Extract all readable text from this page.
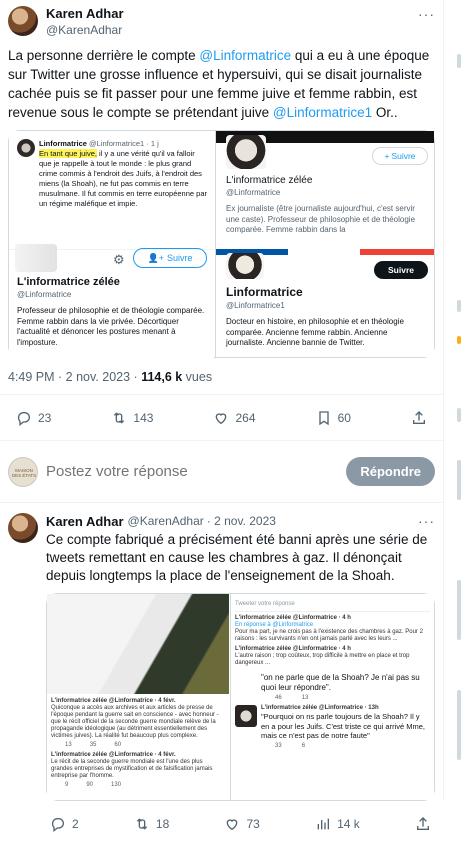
Karen Adhar
@KarenAdhar
···
La personne derrière le compte @Linformatrice qui a eu à une époque sur Twitter une grosse influence et hypersuivi, qui se disait journaliste cachée puis se fit passer pour une femme juive et femme rabbin, est revenue sous le compte se prétendant juive @Linformatrice1 Or..
Linformatrice @Linformatrice1 · 1 j
En tant que juive, il y a une vérité qu'il va falloir que je rappelle à tout le monde : le plus grand crime commis à l'endroit des Juifs, à l'endroit des miens (la Shoah), ne fut pas commis en terre musulmane. Il fut commis en terre européenne par un régime maléfique et impie.
⚙	👤+ Suivre
L'informatrice zélée
@Linformatrice
Professeur de philosophie et de théologie comparée. Femme rabbin dans la vie privée. Décortiquer l'actualité et dénoncer les postures menant à l'imposture.
+ Suivre
L'informatrice zélée
@Linformatrice
Ex journaliste (être journaliste aujourd'hui, c'est servir une caste). Professeur de philosophie et de théologie comparée. Femme rabbin dans la
Suivre
Linformatrice
@Linformatrice1
Docteur en histoire, en philosophie et en théologie comparée. Ancienne femme rabbin. Ancienne journaliste. Ancienne bannie de Twitter.
4:49 PM · 2 nov. 2023 · 114,6 k vues
23	143	264	60
MAISON DES ÉTATS
Postez votre réponse	Répondre
Karen Adhar @KarenAdhar · 2 nov. 2023	···
Ce compte fabriqué a précisément été banni après une série de tweets remettant en cause les chambres à gaz. Il dénonçait depuis longtemps la place de l'enseignement de la Shoah.
L'informatrice zélée @Linformatrice · 4 févr.
Quiconque a accès aux archives et aux articles de presse de l'époque pendant la guerre sait en conscience - avec honneur - que le récit officiel de la seconde guerre mondiale relève de la propagande idéologique (au détriment essentiellement des victimes juives). La réalité fut beaucoup plus complexe.
13	35	60
L'informatrice zélée @Linformatrice · 4 févr.
Le récit de la seconde guerre mondiale est l'une des plus grandes entreprises de mystification et de falsification jamais entreprise par l'homme.
9	90	130
Tweeter votre réponse
L'informatrice zélée @Linformatrice · 4 h
En réponse à @Linformatrice
Pour ma part, je ne crois pas à l'existence des chambres à gaz. Pour 2 raisons : les survivants n'en ont jamais parlé avec les leurs ...
L'informatrice zélée @Linformatrice · 4 h
L'autre raison ; trop coûteux, trop difficile à mettre en place et trop dangereux ...
"on ne parle que de la Shoah? Je n'ai pas su quoi leur répondre".
46	13
L'informatrice zélée @Linformatrice · 13h
"Pourquoi on ns parle toujours de la Shoah? Il y en a pour les Juifs. C'est triste ce qui arrivé Mme, mais ce n'est pas de notre faute"
33	6
2	18	73	14 k
